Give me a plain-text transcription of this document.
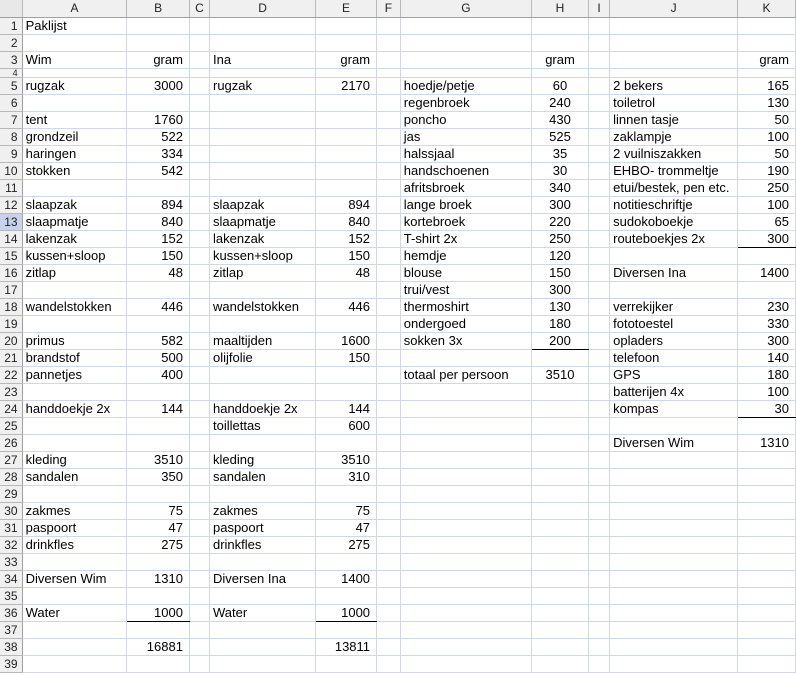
	A	B	C	D	E	F	G	H	I	J	K
1	Paklijst										
2											
3	Wim	gram		Ina	gram			gram			gram
4											
5	rugzak	3000		rugzak	2170		hoedje/petje	60		2 bekers	165
6							regenbroek	240		toiletrol	130
7	tent	1760					poncho	430		linnen tasje	50
8	grondzeil	522					jas	525		zaklampje	100
9	haringen	334					halssjaal	35		2 vuilniszakken	50
10	stokken	542					handschoenen	30		EHBO- trommeltje	190
11							afritsbroek	340		etui/bestek, pen etc.	250
12	slaapzak	894		slaapzak	894		lange broek	300		notitieschriftje	100
13	slaapmatje	840		slaapmatje	840		kortebroek	220		sudokoboekje	65
14	lakenzak	152		lakenzak	152		T-shirt 2x	250		routeboekjes 2x	300
15	kussen+sloop	150		kussen+sloop	150		hemdje	120			
16	zitlap	48		zitlap	48		blouse	150		Diversen Ina	1400
17							trui/vest	300			
18	wandelstokken	446		wandelstokken	446		thermoshirt	130		verrekijker	230
19							ondergoed	180		fototoestel	330
20	primus	582		maaltijden	1600		sokken 3x	200		opladers	300
21	brandstof	500		olijfolie	150					telefoon	140
22	pannetjes	400					totaal per persoon	3510		GPS	180
23										batterijen 4x	100
24	handdoekje 2x	144		handdoekje 2x	144					kompas	30
25				toillettas	600						
26										Diversen Wim	1310
27	kleding	3510		kleding	3510						
28	sandalen	350		sandalen	310						
29											
30	zakmes	75		zakmes	75						
31	paspoort	47		paspoort	47						
32	drinkfles	275		drinkfles	275						
33											
34	Diversen Wim	1310		Diversen Ina	1400						
35											
36	Water	1000		Water	1000						
37											
38		16881			13811						
39											
